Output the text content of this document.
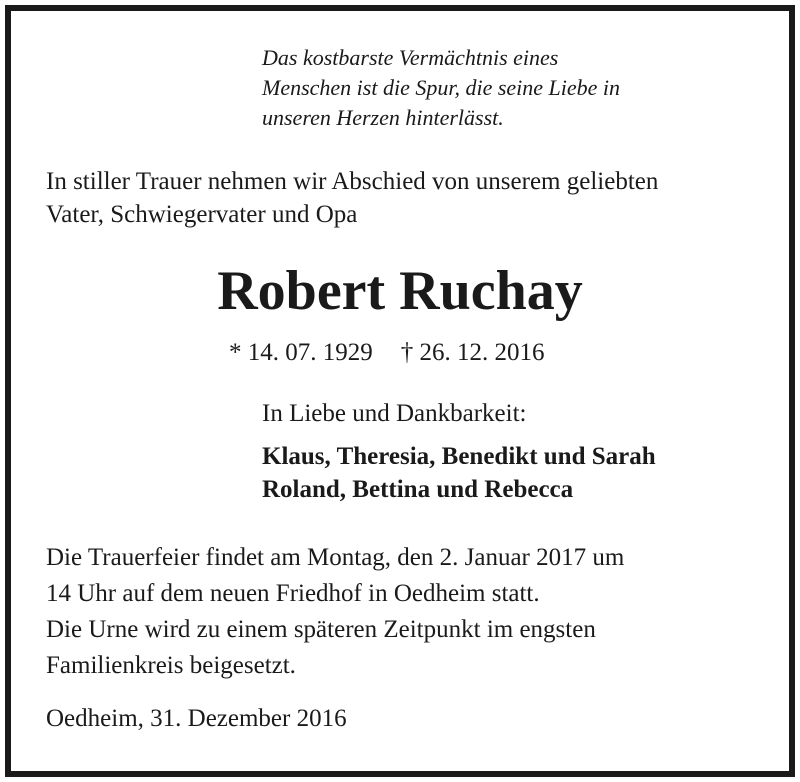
Das kostbarste Vermächtnis eines
Menschen ist die Spur, die seine Liebe in
unseren Herzen hinterlässt.
In stiller Trauer nehmen wir Abschied von unserem geliebten
Vater, Schwiegervater und Opa
Robert Ruchay
* 14. 07. 1929 † 26. 12. 2016
In Liebe und Dankbarkeit:
Klaus, Theresia, Benedikt und Sarah
Roland, Bettina und Rebecca
Die Trauerfeier findet am Montag, den 2. Januar 2017 um
14 Uhr auf dem neuen Friedhof in Oedheim statt.
Die Urne wird zu einem späteren Zeitpunkt im engsten
Familienkreis beigesetzt.
Oedheim, 31. Dezember 2016
